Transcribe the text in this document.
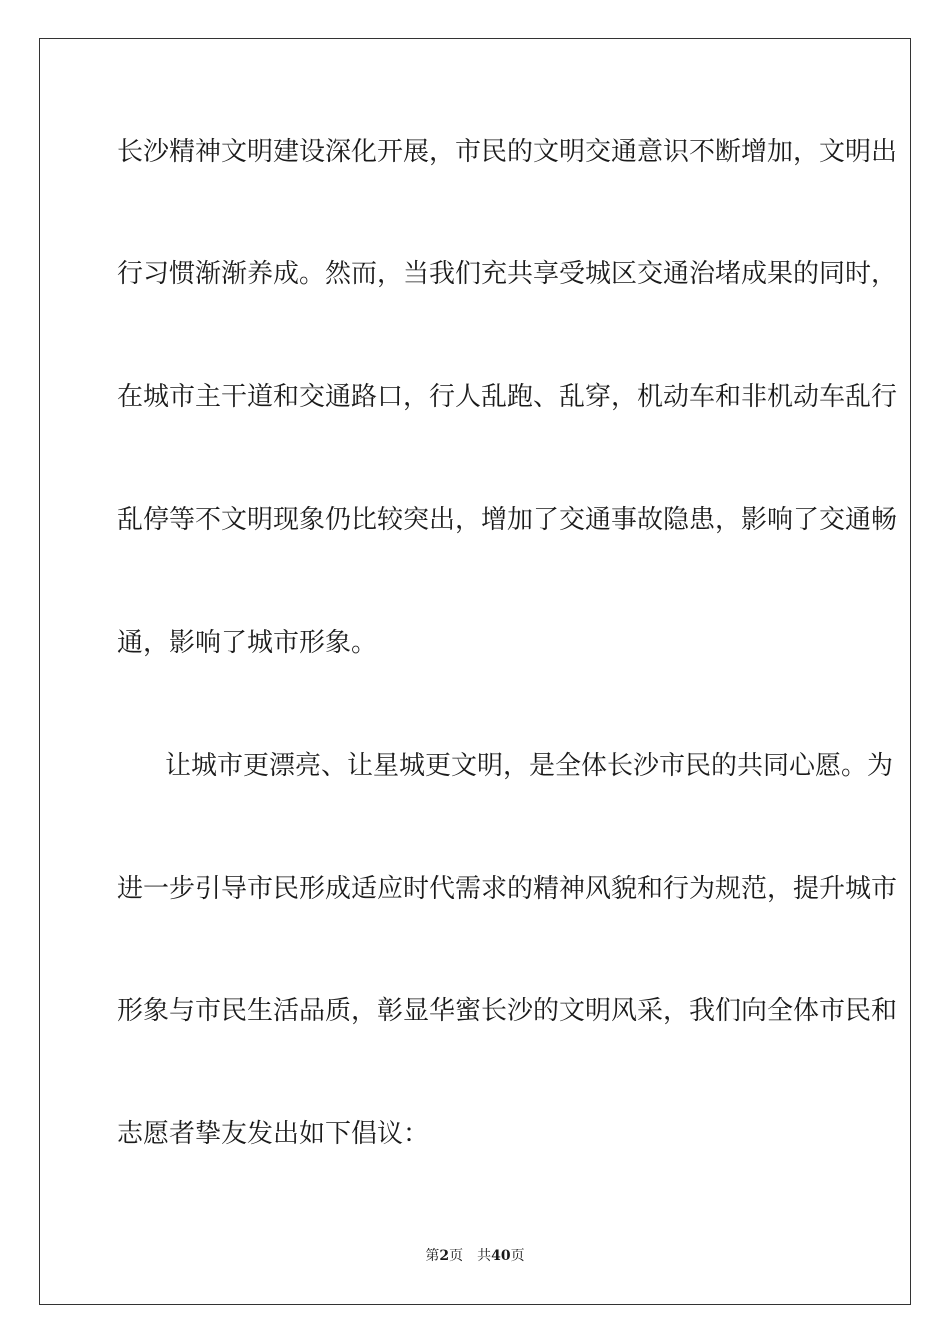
长沙精神文明建设深化开展，市民的文明交通意识不断增加，文明出
行习惯渐渐养成。然而，当我们充共享受城区交通治堵成果的同时，
在城市主干道和交通路口，行人乱跑、乱穿，机动车和非机动车乱行
乱停等不文明现象仍比较突出，增加了交通事故隐患，影响了交通畅
通，影响了城市形象。
让城市更漂亮、让星城更文明，是全体长沙市民的共同心愿。为
进一步引导市民形成适应时代需求的精神风貌和行为规范，提升城市
形象与市民生活品质，彰显华蜜长沙的文明风采，我们向全体市民和
志愿者挚友发出如下倡议：
第2页 共40页
